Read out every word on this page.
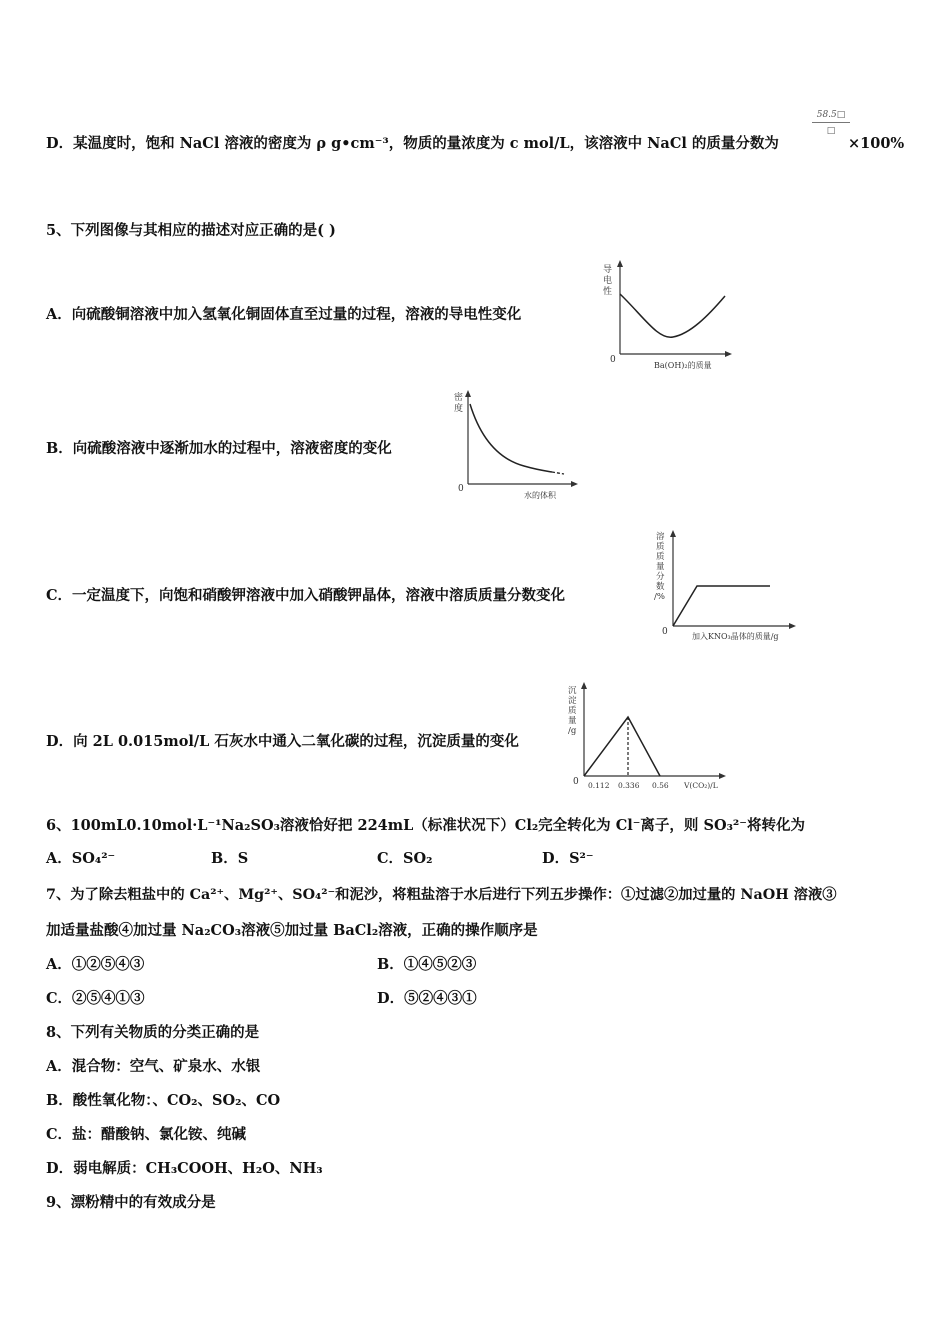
D．某温度时，饱和 NaCl 溶液的密度为 ρ g•cm⁻³，物质的量浓度为 c mol/L，该溶液中 NaCl 的质量分数为
58.5□
□
×100%
5、下列图像与其相应的描述对应正确的是( )
A．向硫酸铜溶液中加入氢氧化铜固体直至过量的过程，溶液的导电性变化
导
电
性
0
Ba(OH)₂的质量
B．向硫酸溶液中逐渐加水的过程中，溶液密度的变化
密
度
0
水的体积
C．一定温度下，向饱和硝酸钾溶液中加入硝酸钾晶体，溶液中溶质质量分数变化
溶
质
质
量
分
数
/%
0	加入KNO₃晶体的质量/g
D．向 2L 0.015mol/L 石灰水中通入二氧化碳的过程，沉淀质量的变化
沉
淀
质
量
/g
0 0.112 0.336 0.56 V(CO₂)/L
6、100mL0.10mol·L⁻¹Na₂SO₃溶液恰好把 224mL（标准状况下）Cl₂完全转化为 Cl⁻离子，则 SO₃²⁻将转化为
A．SO₄²⁻	B．S	C．SO₂	D．S²⁻
7、为了除去粗盐中的 Ca²⁺、Mg²⁺、SO₄²⁻和泥沙，将粗盐溶于水后进行下列五步操作：①过滤②加过量的 NaOH 溶液③
加适量盐酸④加过量 Na₂CO₃溶液⑤加过量 BaCl₂溶液，正确的操作顺序是
A．①②⑤④③	B．①④⑤②③
C．②⑤④①③	D．⑤②④③①
8、下列有关物质的分类正确的是
A．混合物：空气、矿泉水、水银
B．酸性氧化物：、CO₂、SO₂、CO
C．盐：醋酸钠、氯化铵、纯碱
D．弱电解质：CH₃COOH、H₂O、NH₃
9、漂粉精中的有效成分是
